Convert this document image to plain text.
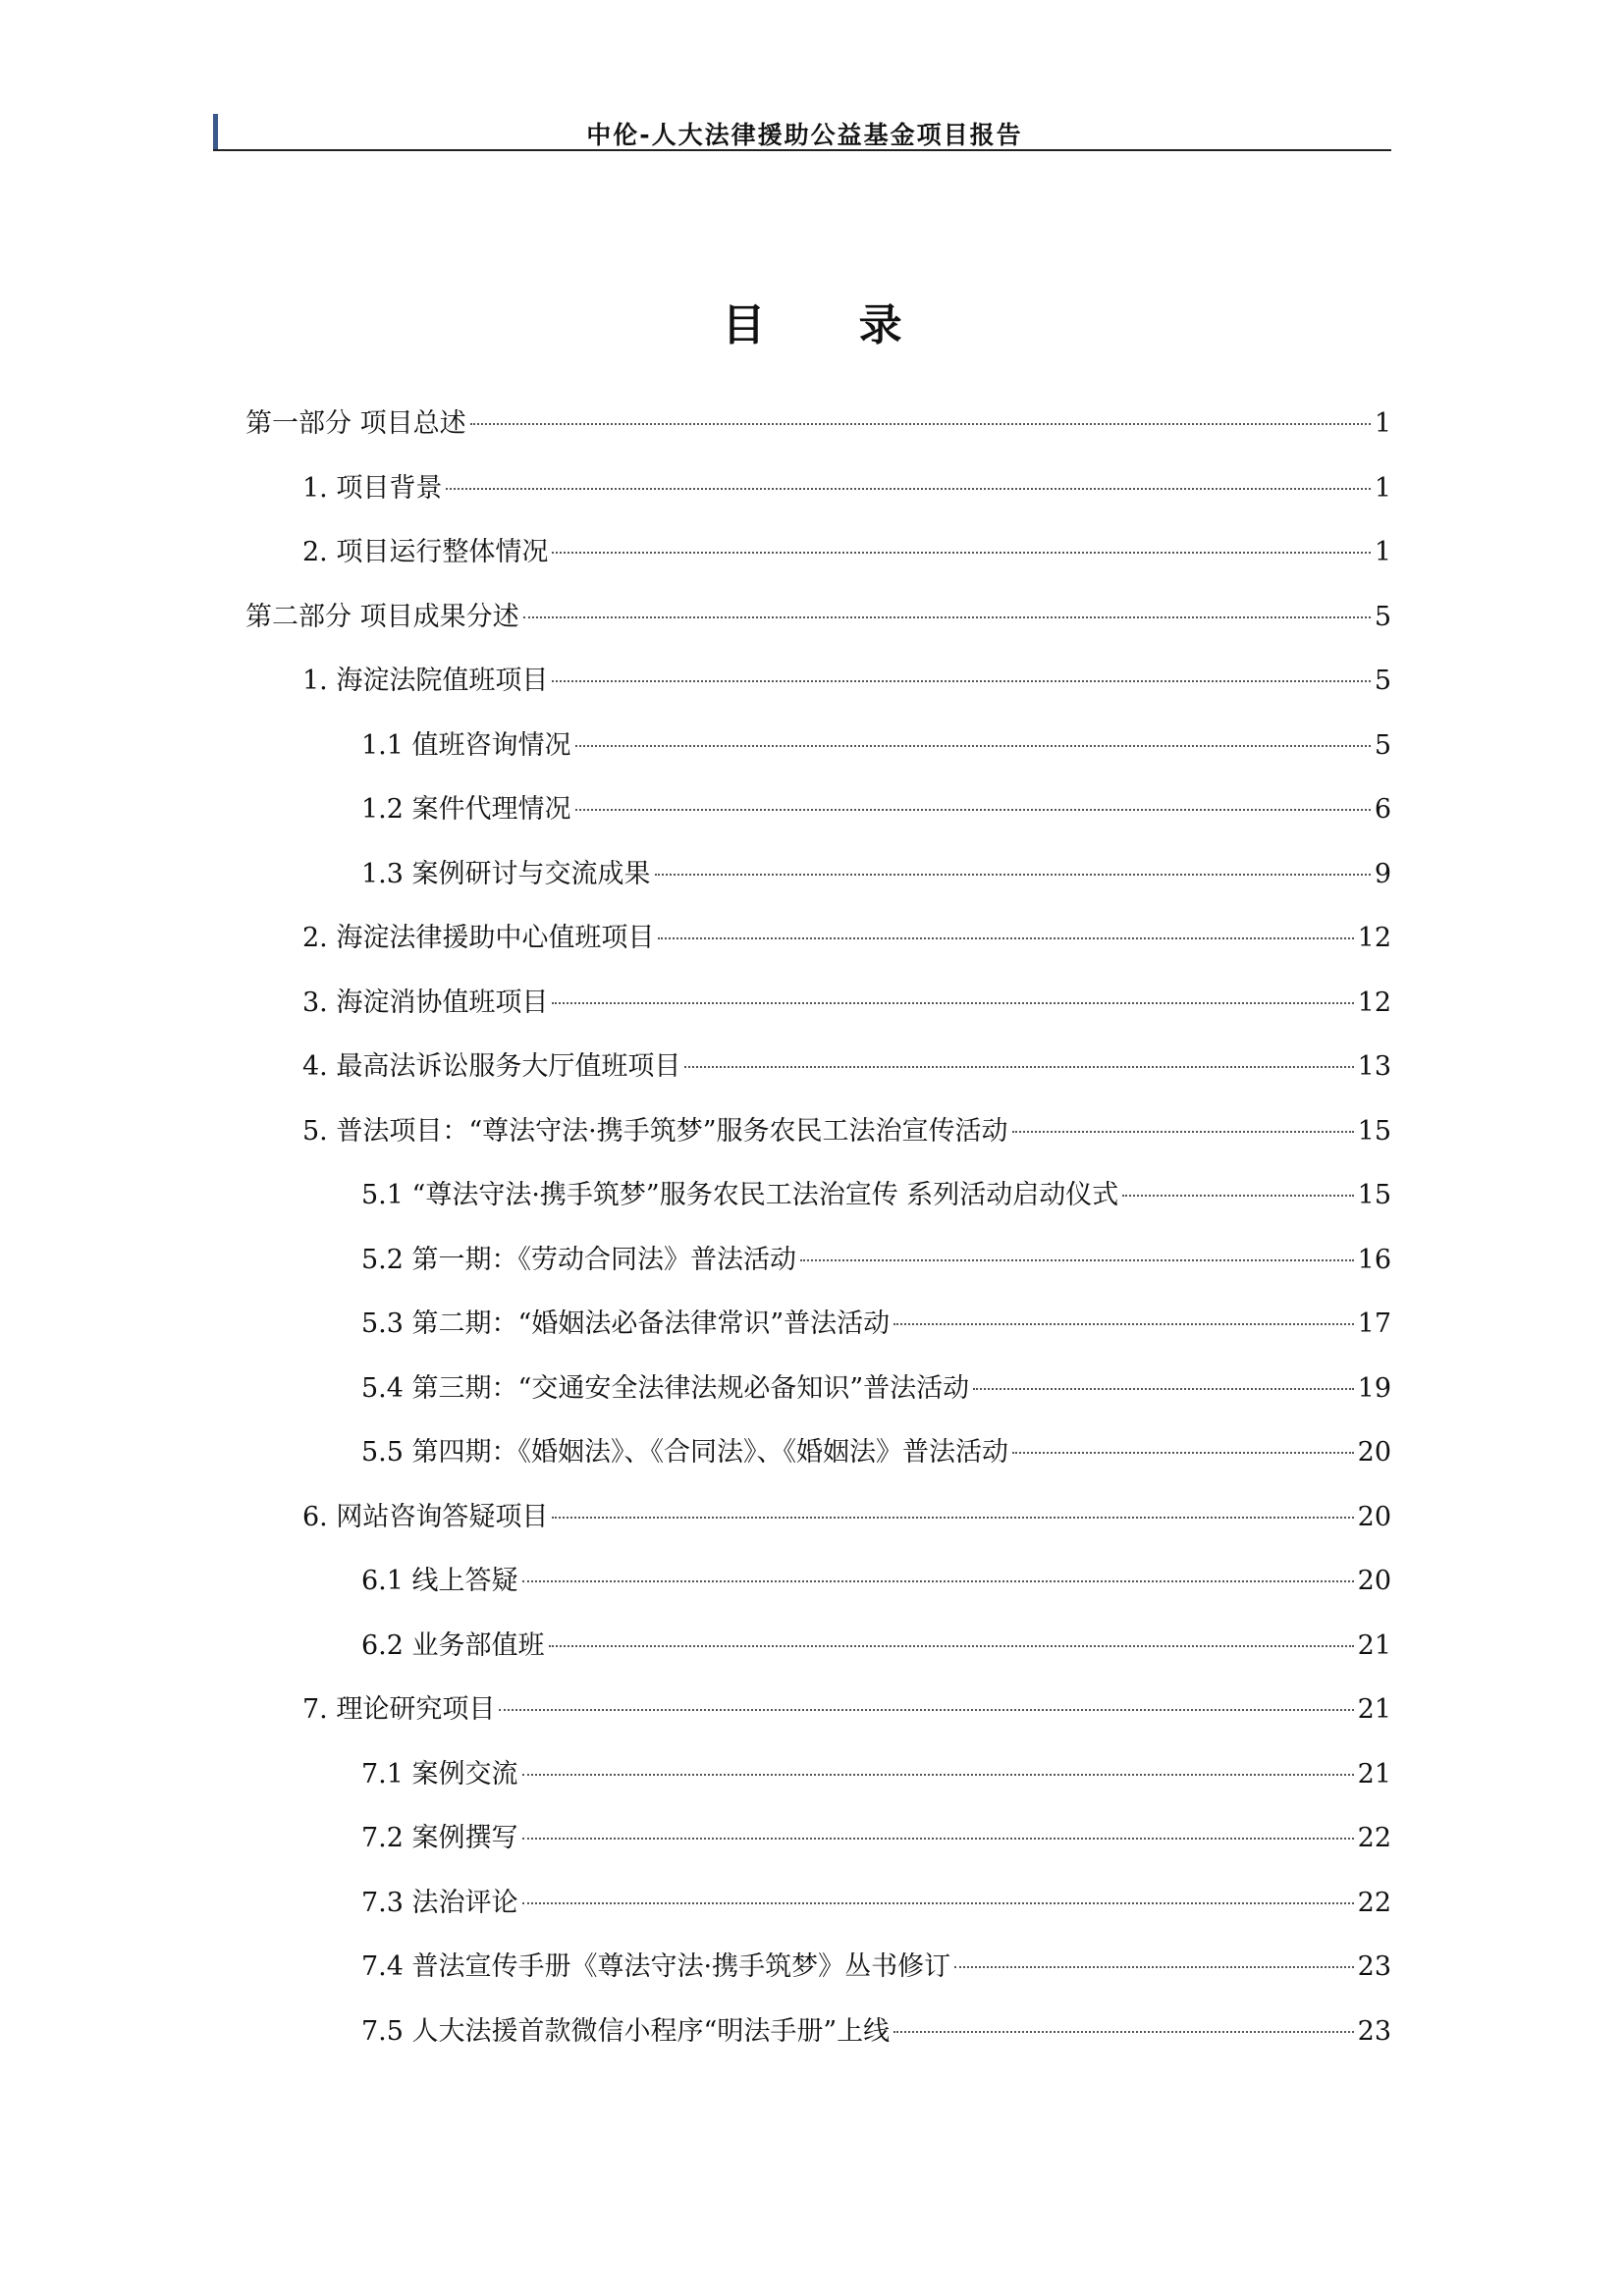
中伦-人大法律援助公益基金项目报告
目 录
第一部分 项目总述	1
1. 项目背景	1
2. 项目运行整体情况	1
第二部分 项目成果分述	5
1. 海淀法院值班项目	5
1.1 值班咨询情况	5
1.2 案件代理情况	6
1.3 案例研讨与交流成果	9
2. 海淀法律援助中心值班项目	12
3. 海淀消协值班项目	12
4. 最高法诉讼服务大厅值班项目	13
5. 普法项目：“尊法守法·携手筑梦”服务农民工法治宣传活动	15
5.1 “尊法守法·携手筑梦”服务农民工法治宣传 系列活动启动仪式	15
5.2 第一期：《劳动合同法》普法活动	16
5.3 第二期：“婚姻法必备法律常识”普法活动	17
5.4 第三期：“交通安全法律法规必备知识”普法活动	19
5.5 第四期：《婚姻法》、《合同法》、《婚姻法》普法活动	20
6. 网站咨询答疑项目	20
6.1 线上答疑	20
6.2 业务部值班	21
7. 理论研究项目	21
7.1 案例交流	21
7.2 案例撰写	22
7.3 法治评论	22
7.4 普法宣传手册《尊法守法·携手筑梦》丛书修订	23
7.5 人大法援首款微信小程序“明法手册”上线	23
